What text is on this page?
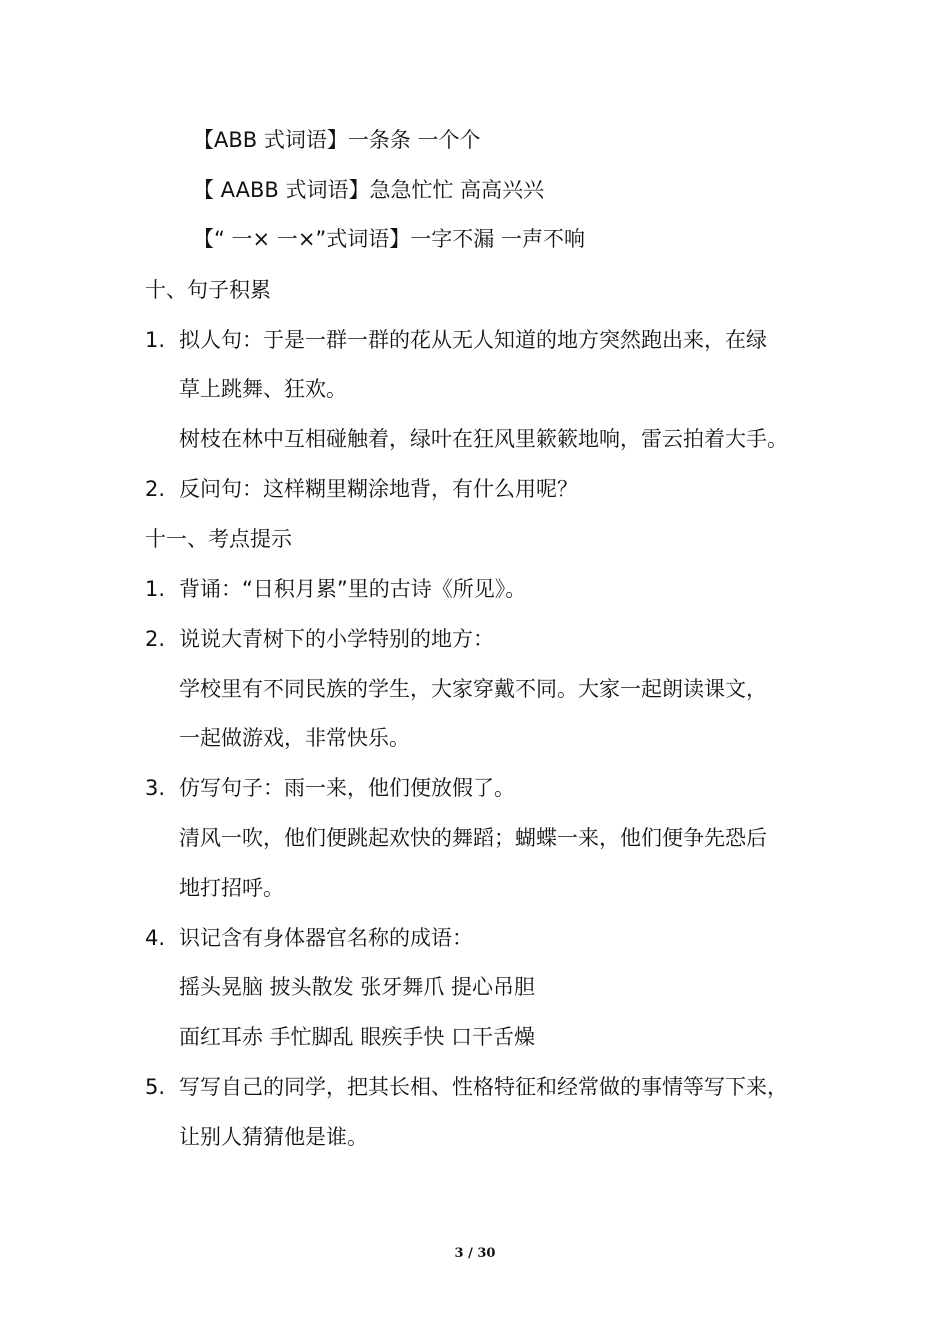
【ABB 式词语】一条条 一个个
【 AABB 式词语】急急忙忙 高高兴兴
【“ 一× 一×”式词语】一字不漏 一声不响
十、句子积累
1. 拟人句：于是一群一群的花从无人知道的地方突然跑出来，在绿
草上跳舞、狂欢。
树枝在林中互相碰触着，绿叶在狂风里簌簌地响，雷云拍着大手。
2. 反问句：这样糊里糊涂地背，有什么用呢？
十一、考点提示
1. 背诵：“日积月累”里的古诗《所见》。
2. 说说大青树下的小学特别的地方：
学校里有不同民族的学生，大家穿戴不同。大家一起朗读课文，
一起做游戏，非常快乐。
3. 仿写句子：雨一来，他们便放假了。
清风一吹，他们便跳起欢快的舞蹈；蝴蝶一来，他们便争先恐后
地打招呼。
4. 识记含有身体器官名称的成语：
摇头晃脑 披头散发 张牙舞爪 提心吊胆
面红耳赤 手忙脚乱 眼疾手快 口干舌燥
5. 写写自己的同学，把其长相、性格特征和经常做的事情等写下来，
让别人猜猜他是谁。
3 / 30
